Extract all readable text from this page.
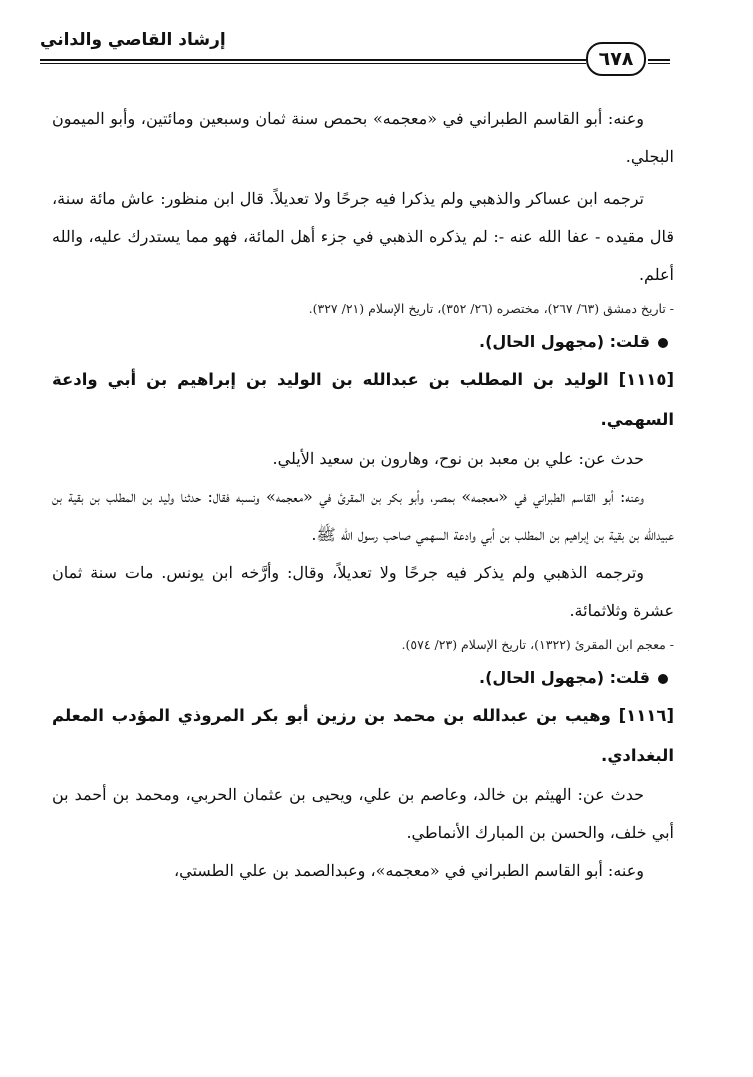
إرشاد القاصي والداني
٦٧٨

وعنه: أبو القاسم الطبراني في «معجمه» بحمص سنة ثمان وسبعين ومائتين، وأبو الميمون البجلي.

ترجمه ابن عساكر والذهبي ولم يذكرا فيه جرحًا ولا تعديلاً. قال ابن منظور: عاش مائة سنة، قال مقيده - عفا الله عنه -: لم يذكره الذهبي في جزء أهل المائة، فهو مما يستدرك عليه، والله أعلم.

- تاريخ دمشق (٦٣/ ٢٦٧)، مختصره (٢٦/ ٣٥٢)، تاريخ الإسلام (٢١/ ٣٢٧).

قلت: (مجهول الحال).

[١١١٥] الوليد بن المطلب بن عبدالله بن الوليد بن إبراهيم بن أبي وادعة السهمي.

حدث عن: علي بن معبد بن نوح، وهارون بن سعيد الأيلي.

وعنه: أبو القاسم الطبراني في «معجمه» بمصر، وأبو بكر بن المقرئ في «معجمه» ونسبه فقال: حدثنا وليد بن المطلب بن بقية بن عبيدالله بن بقية بن إبراهيم بن المطلب بن أبي وادعة السهمي صاحب رسول الله ﷺ.

وترجمه الذهبي ولم يذكر فيه جرحًا ولا تعديلاً، وقال: وأرَّخه ابن يونس. مات سنة ثمان عشرة وثلاثمائة.

- معجم ابن المقرئ (١٣٢٢)، تاريخ الإسلام (٢٣/ ٥٧٤).

قلت: (مجهول الحال).

[١١١٦] وهيب بن عبدالله بن محمد بن رزين أبو بكر المروذي المؤدب المعلم البغدادي.

حدث عن: الهيثم بن خالد، وعاصم بن علي، ويحيى بن عثمان الحربي، ومحمد بن أحمد بن أبي خلف، والحسن بن المبارك الأنماطي.

وعنه: أبو القاسم الطبراني في «معجمه»، وعبدالصمد بن علي الطستي،
